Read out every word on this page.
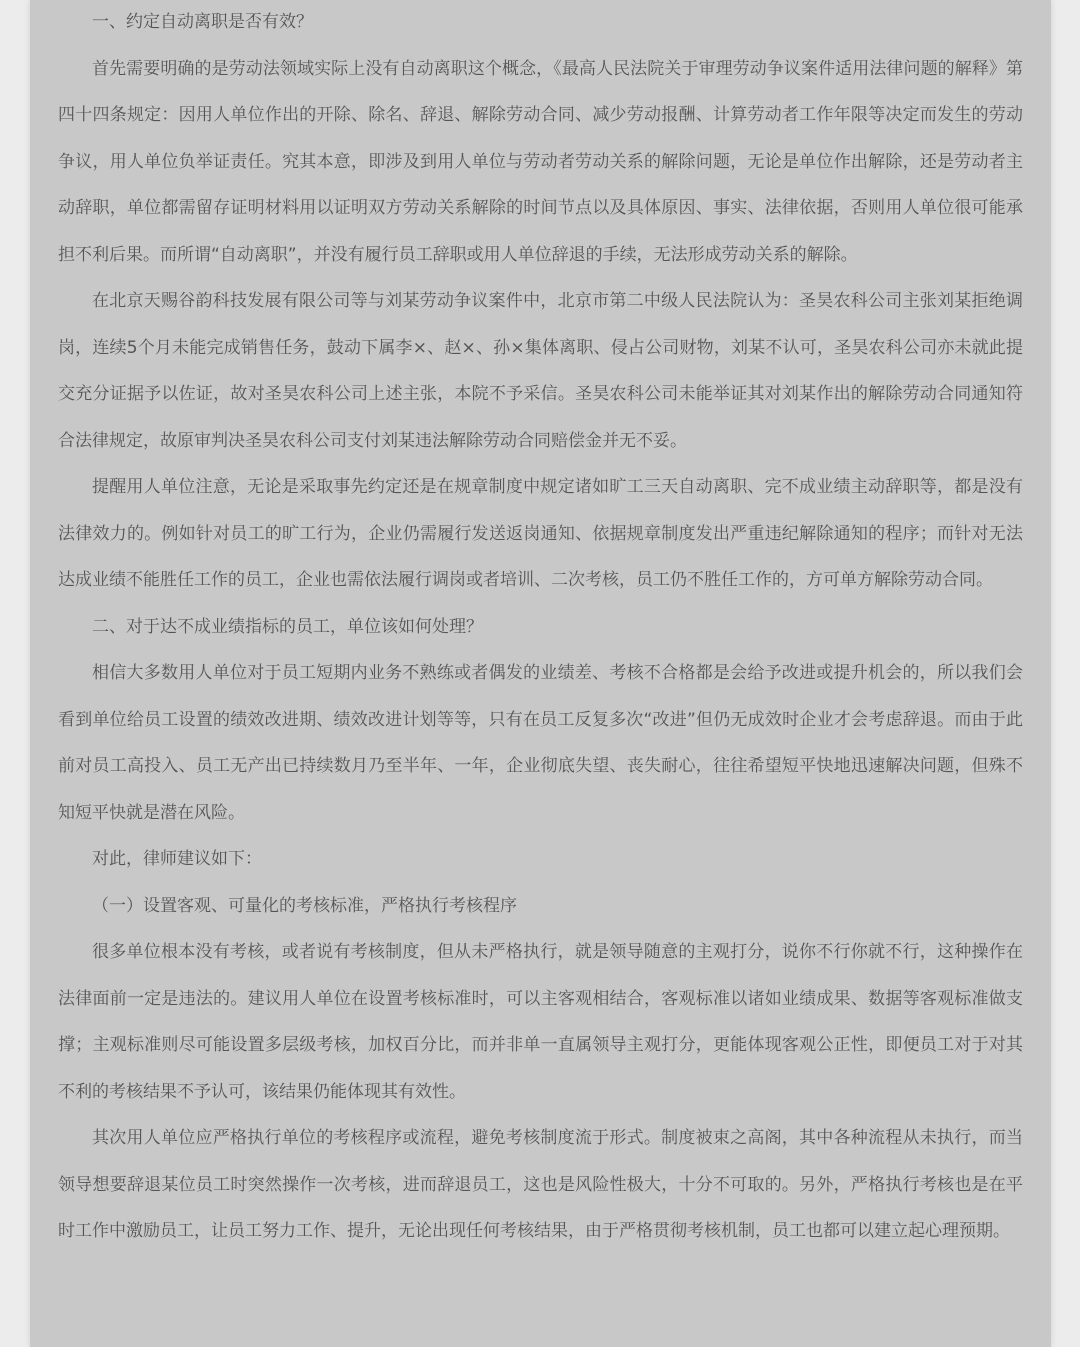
一、约定自动离职是否有效？

首先需要明确的是劳动法领域实际上没有自动离职这个概念，《最高人民法院关于审理劳动争议案件适用法律问题的解释》第四十四条规定：因用人单位作出的开除、除名、辞退、解除劳动合同、减少劳动报酬、计算劳动者工作年限等决定而发生的劳动争议，用人单位负举证责任。究其本意，即涉及到用人单位与劳动者劳动关系的解除问题，无论是单位作出解除，还是劳动者主动辞职，单位都需留存证明材料用以证明双方劳动关系解除的时间节点以及具体原因、事实、法律依据，否则用人单位很可能承担不利后果。而所谓“自动离职”，并没有履行员工辞职或用人单位辞退的手续，无法形成劳动关系的解除。

在北京天赐谷韵科技发展有限公司等与刘某劳动争议案件中，北京市第二中级人民法院认为：圣昊农科公司主张刘某拒绝调岗，连续5个月未能完成销售任务，鼓动下属李×、赵×、孙×集体离职、侵占公司财物，刘某不认可，圣昊农科公司亦未就此提交充分证据予以佐证，故对圣昊农科公司上述主张，本院不予采信。圣昊农科公司未能举证其对刘某作出的解除劳动合同通知符合法律规定，故原审判决圣昊农科公司支付刘某违法解除劳动合同赔偿金并无不妥。

提醒用人单位注意，无论是采取事先约定还是在规章制度中规定诸如旷工三天自动离职、完不成业绩主动辞职等，都是没有法律效力的。例如针对员工的旷工行为，企业仍需履行发送返岗通知、依据规章制度发出严重违纪解除通知的程序；而针对无法达成业绩不能胜任工作的员工，企业也需依法履行调岗或者培训、二次考核，员工仍不胜任工作的，方可单方解除劳动合同。

二、对于达不成业绩指标的员工，单位该如何处理？

相信大多数用人单位对于员工短期内业务不熟练或者偶发的业绩差、考核不合格都是会给予改进或提升机会的，所以我们会看到单位给员工设置的绩效改进期、绩效改进计划等等，只有在员工反复多次“改进”但仍无成效时企业才会考虑辞退。而由于此前对员工高投入、员工无产出已持续数月乃至半年、一年，企业彻底失望、丧失耐心，往往希望短平快地迅速解决问题，但殊不知短平快就是潜在风险。

对此，律师建议如下：

（一）设置客观、可量化的考核标准，严格执行考核程序

很多单位根本没有考核，或者说有考核制度，但从未严格执行，就是领导随意的主观打分，说你不行你就不行，这种操作在法律面前一定是违法的。建议用人单位在设置考核标准时，可以主客观相结合，客观标准以诸如业绩成果、数据等客观标准做支撑；主观标准则尽可能设置多层级考核，加权百分比，而并非单一直属领导主观打分，更能体现客观公正性，即便员工对于对其不利的考核结果不予认可，该结果仍能体现其有效性。

其次用人单位应严格执行单位的考核程序或流程，避免考核制度流于形式。制度被束之高阁，其中各种流程从未执行，而当领导想要辞退某位员工时突然操作一次考核，进而辞退员工，这也是风险性极大，十分不可取的。另外，严格执行考核也是在平时工作中激励员工，让员工努力工作、提升，无论出现任何考核结果，由于严格贯彻考核机制，员工也都可以建立起心理预期。
